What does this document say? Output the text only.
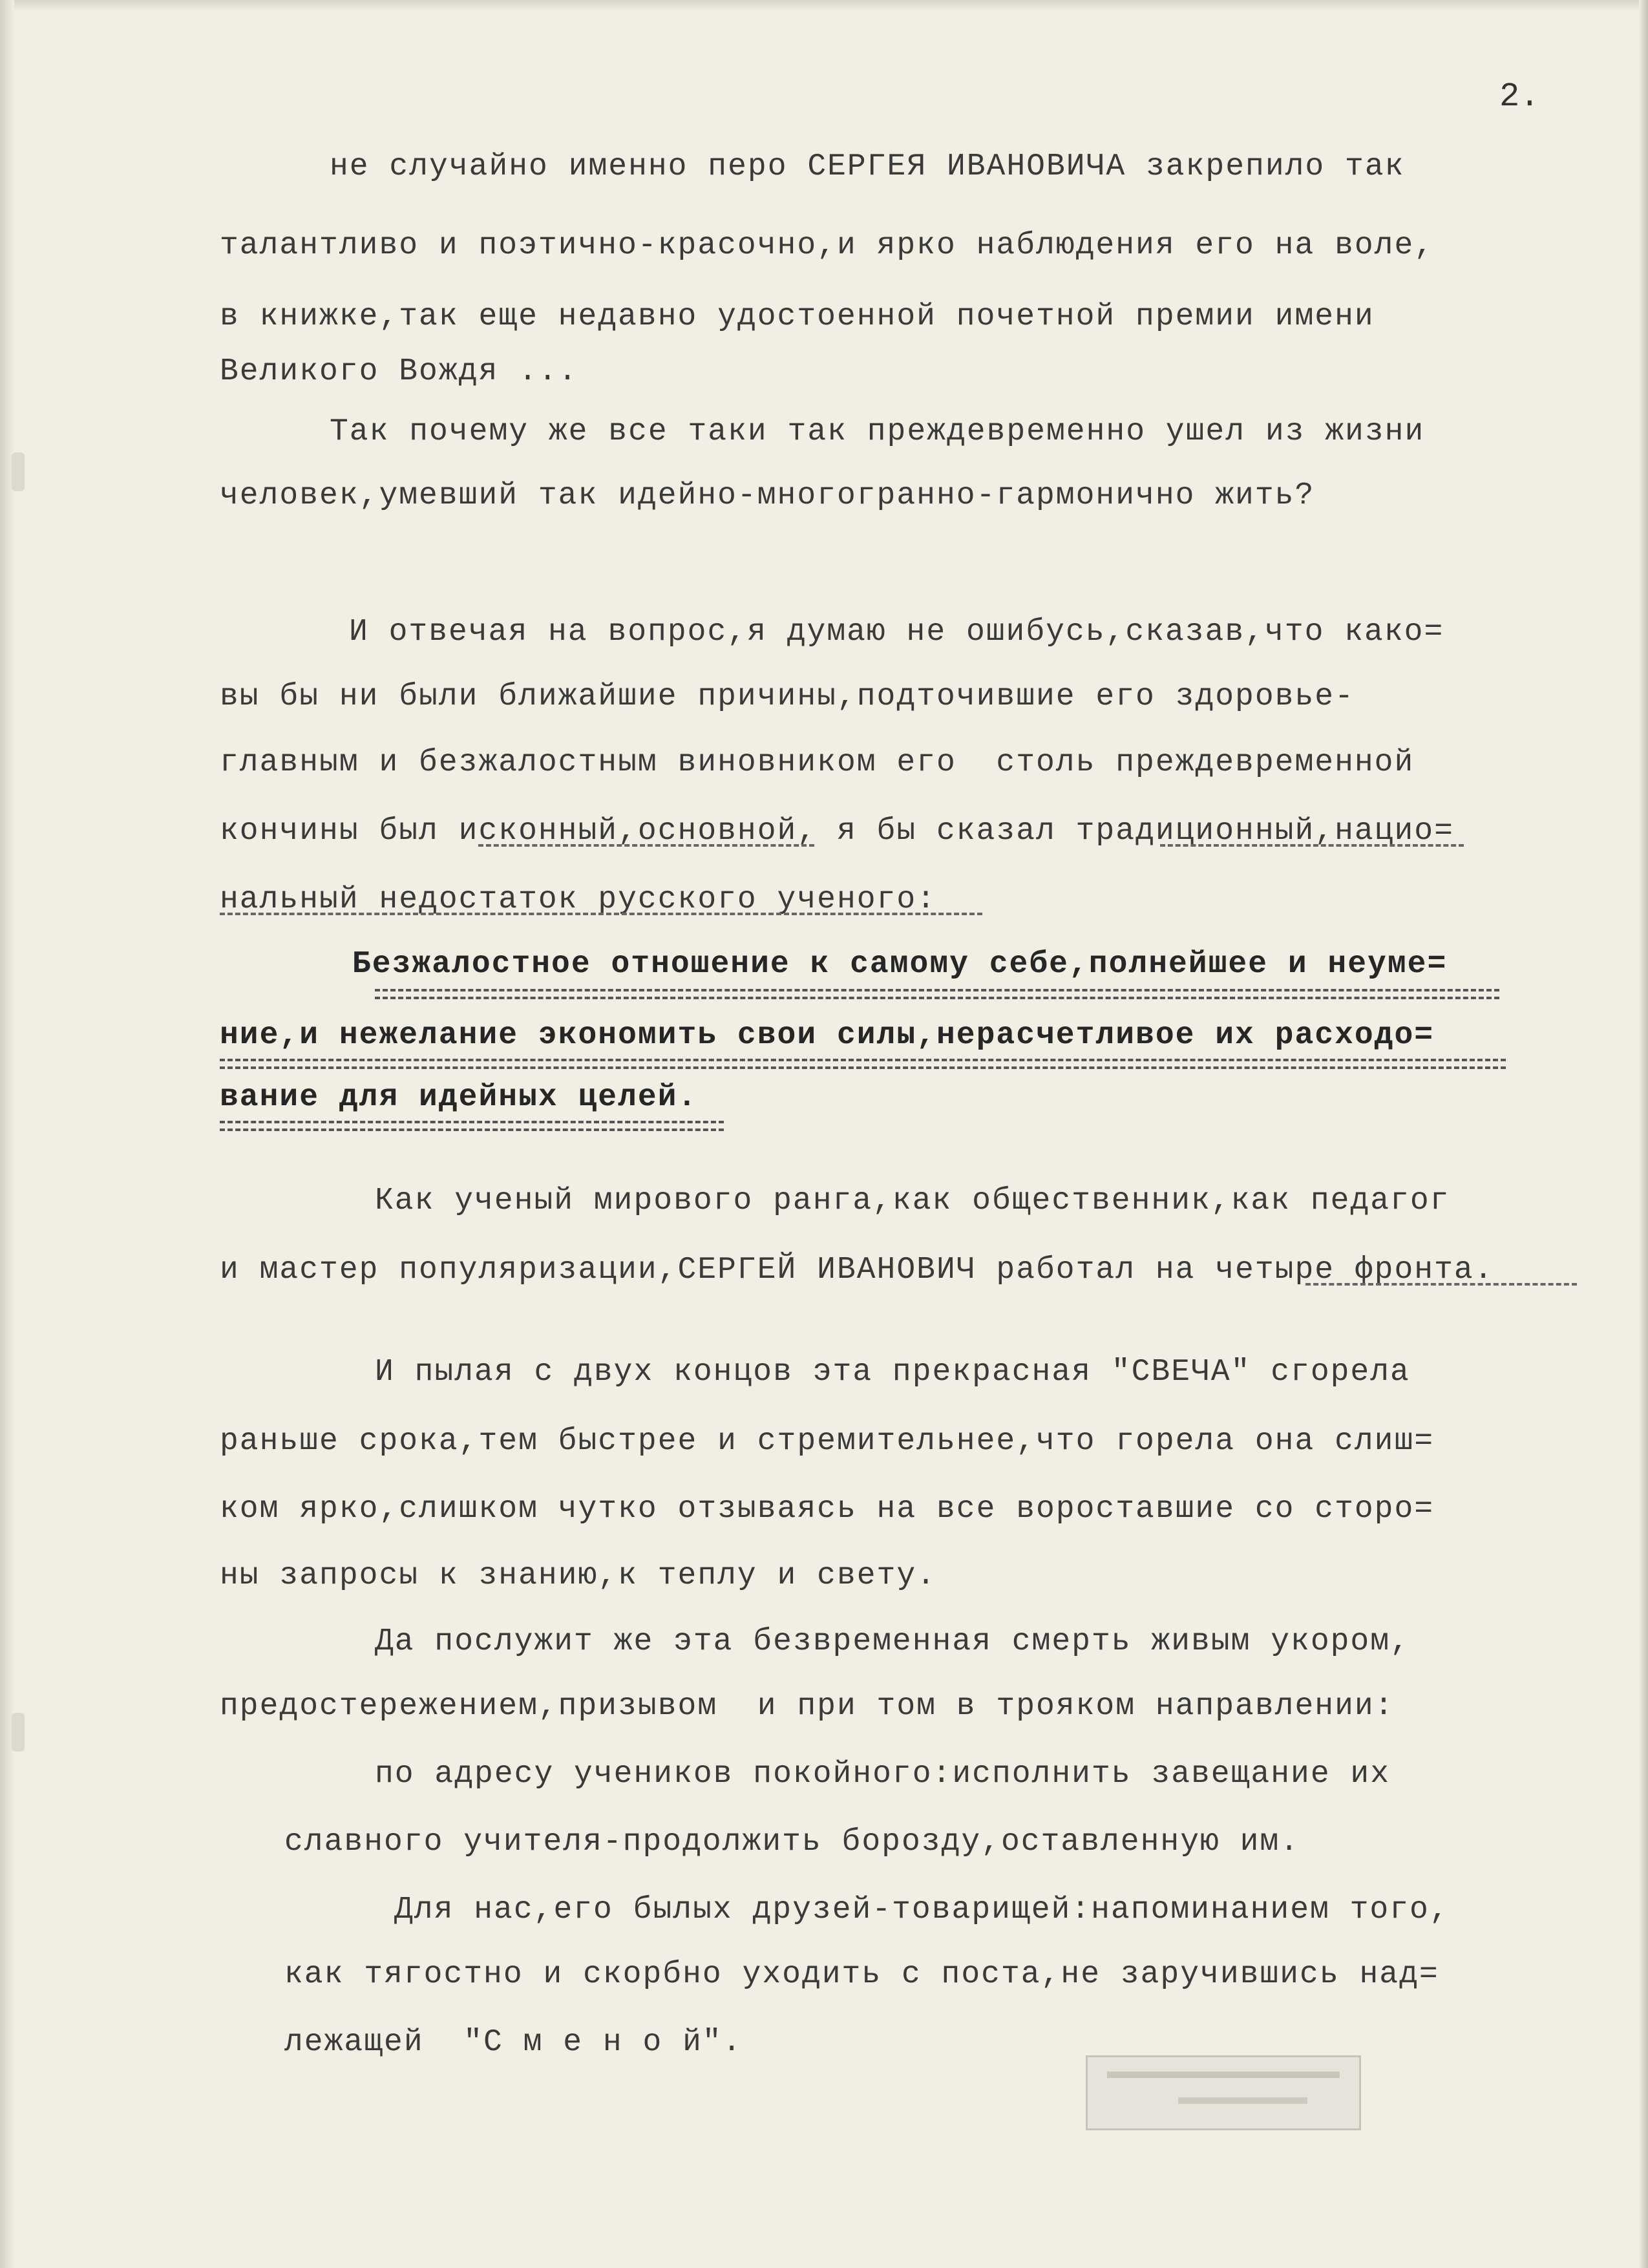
2.

не случайно именно перо СЕРГЕЯ ИВАНОВИЧА закрепило так

талантливо и поэтично-красочно,и ярко наблюдения его на воле,

в книжке,так еще недавно удостоенной почетной премии имени

Великого Вождя ...

Так почему же все таки так преждевременно ушел из жизни

человек,умевший так идейно-многогранно-гармонично жить?

И отвечая на вопрос,я думаю не ошибусь,сказав,что како=

вы бы ни были ближайшие причины,подточившие его здоровье-

главным и безжалостным виновником его  столь преждевременной

кончины был исконный,основной, я бы сказал традиционный,нацио=

нальный недостаток русского ученого:

Безжалостное отношение к самому себе,полнейшее и неуме=

ние,и нежелание экономить свои силы,нерасчетливое их расходо=

вание для идейных целей.

Как ученый мирового ранга,как общественник,как педагог

и мастер популяризации,СЕРГЕЙ ИВАНОВИЧ работал на четыре фронта.

И пылая с двух концов эта прекрасная "СВЕЧА" сгорела

раньше срока,тем быстрее и стремительнее,что горела она слиш=

ком ярко,слишком чутко отзываясь на все вороставшие со сторо=

ны запросы к знанию,к теплу и свету.

Да послужит же эта безвременная смерть живым укором,

предостережением,призывом  и при том в трояком направлении:

по адресу учеников покойного:исполнить завещание их

славного учителя-продолжить борозду,оставленную им.

Для нас,его былых друзей-товарищей:напоминанием того,

как тягостно и скорбно уходить с поста,не заручившись над=

лежащей  "С м е н о й".
